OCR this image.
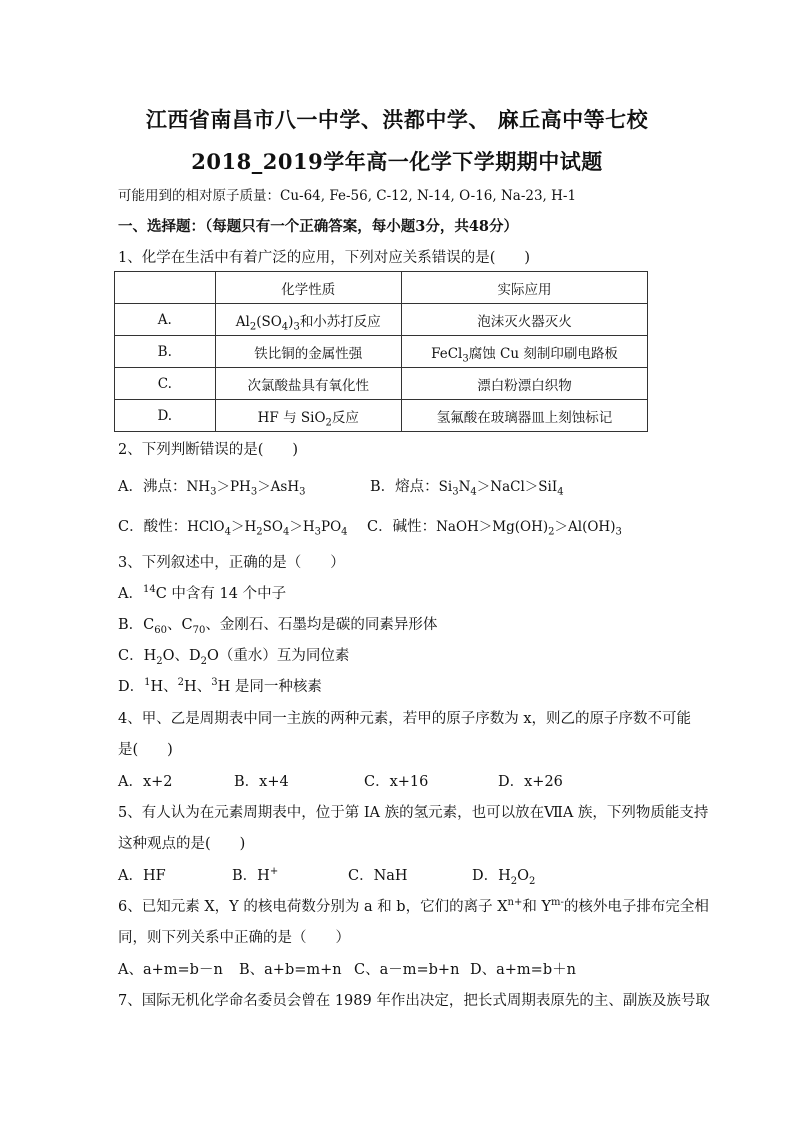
江西省南昌市八一中学、洪都中学、 麻丘高中等七校
2018_2019学年高一化学下学期期中试题
可能用到的相对原子质量：Cu-64, Fe-56, C-12, N-14, O-16, Na-23, H-1
一、选择题：（每题只有一个正确答案，每小题3分，共48分）
1、化学在生活中有着广泛的应用，下列对应关系错误的是(　　)
	化学性质	实际应用
A.	$Al_2(SO_4)_3$和小苏打反应	泡沫灭火器灭火
B.	铁比铜的金属性强	FeCl$_3$腐蚀 Cu 刻制印刷电路板
C.	次氯酸盐具有氧化性	漂白粉漂白织物
D.	HF 与 SiO$_2$反应	氢氟酸在玻璃器皿上刻蚀标记
2、下列判断错误的是(　　)
A．沸点：$NH_3>PH_3>AsH_3$	B．熔点：$Si_3N_4>NaCl>SiI_4$
C．酸性：$HClO_4>H_2SO_4>H_3PO_4$ C．碱性：$NaOH>Mg(OH)_2>Al(OH)_3$
3、下列叙述中，正确的是（　　）
A．$^{14}$C 中含有 14 个中子
B．$C_{60}$、$C_{70}$、金刚石、石墨均是碳的同素异形体
C．$H_2O$、$D_2O$（重水）互为同位素
D．$^1$H、$^2$H、$^3$H 是同一种核素
4、甲、乙是周期表中同一主族的两种元素，若甲的原子序数为 x，则乙的原子序数不可能
是(　　)
A．x+2	B．x+4	C．x+16	D．x+26
5、有人认为在元素周期表中，位于第 IA 族的氢元素，也可以放在ⅦA 族，下列物质能支持
这种观点的是(　　)
A．HF	B．H+	C．NaH	D．$H_2O_2$
6、已知元素 X，Y 的核电荷数分别为 a 和 b，它们的离子 $X^{n+}$和 $Y^{m-}$的核外电子排布完全相
同，则下列关系中正确的是（　　）
A、a+m=b－n B、a+b=m+n C、a－m=b+n D、a+m=b＋n
7、国际无机化学命名委员会曾在 1989 年作出决定，把长式周期表原先的主、副族及族号取
